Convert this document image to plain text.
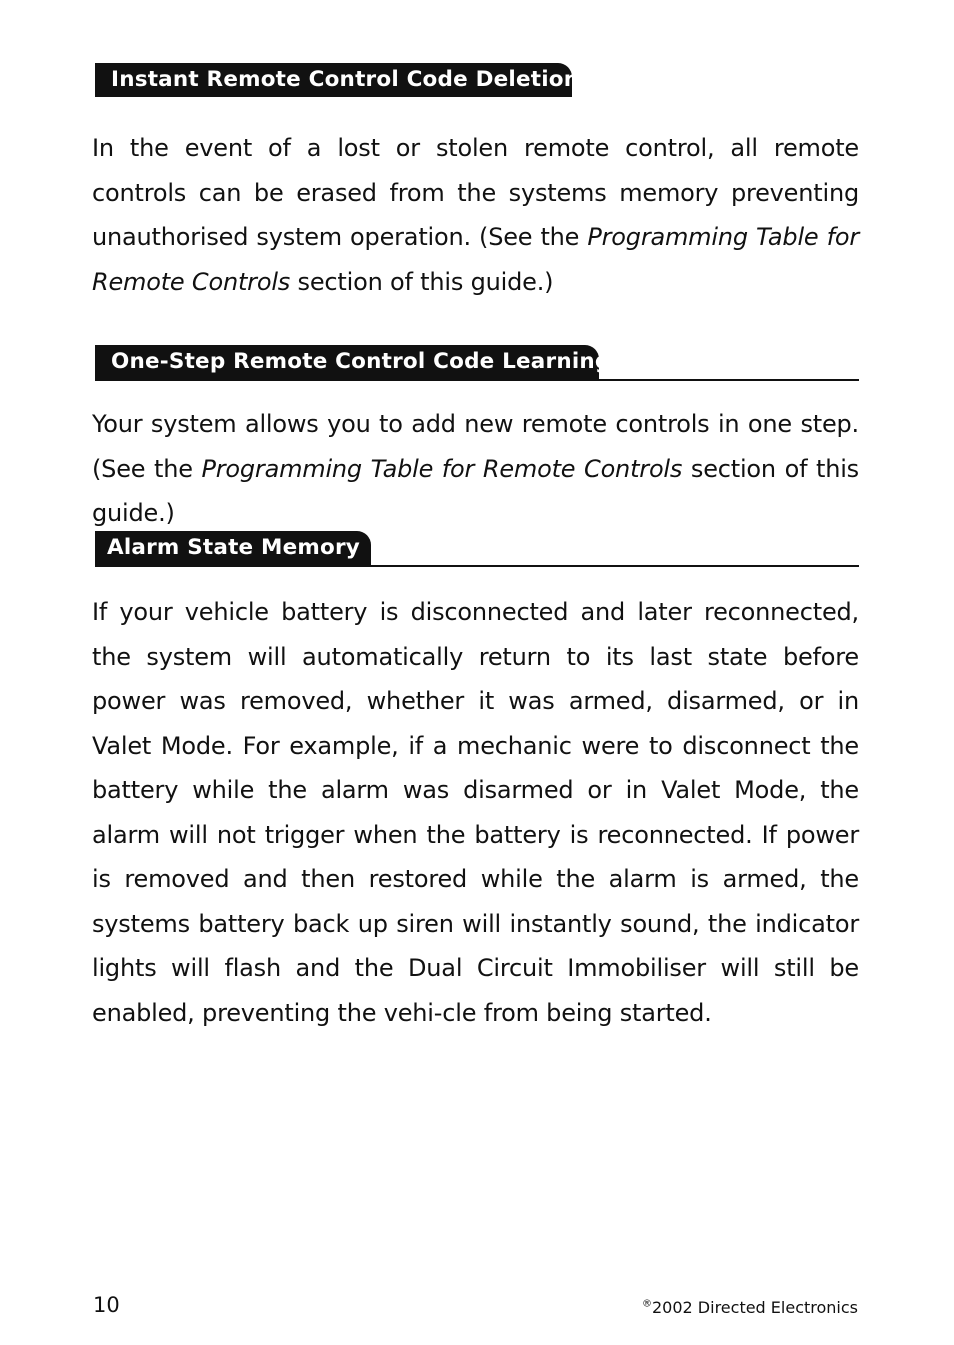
Instant Remote Control Code Deletion

In the event of a lost or stolen remote control, all remote controls can be erased from the systems memory preventing unauthorised system operation. (See the Programming Table for Remote Controls section of this guide.)

One-Step Remote Control Code Learning

Your system allows you to add new remote controls in one step. (See the Programming Table for Remote Controls section of this guide.)

Alarm State Memory

If your vehicle battery is disconnected and later reconnected, the system will automatically return to its last state before power was removed, whether it was armed, disarmed, or in Valet Mode. For example, if a mechanic were to disconnect the battery while the alarm was disarmed or in Valet Mode, the alarm will not trigger when the battery is reconnected. If power is removed and then restored while the alarm is armed, the systems battery back up siren will instantly sound, the indicator lights will flash and the Dual Circuit Immobiliser will still be enabled, preventing the vehi-cle from being started.

10	®2002 Directed Electronics
